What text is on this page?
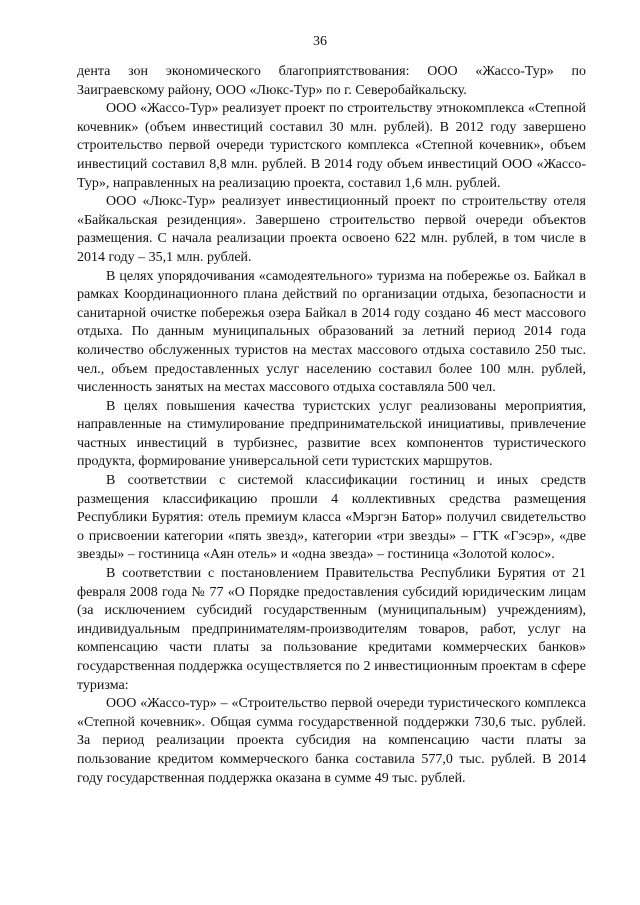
36

дента зон экономического благоприятствования: ООО «Жассо-Тур» по Заиграевскому району, ООО «Люкс-Тур» по г. Северобайкальску.

ООО «Жассо-Тур» реализует проект по строительству этнокомплекса «Степной кочевник» (объем инвестиций составил 30 млн. рублей). В 2012 году завершено строительство первой очереди туристского комплекса «Степной кочевник», объем инвестиций составил 8,8 млн. рублей. В 2014 году объем инвестиций ООО «Жассо-Тур», направленных на реализацию проекта, составил 1,6 млн. рублей.

ООО «Люкс-Тур» реализует инвестиционный проект по строительству отеля «Байкальская резиденция». Завершено строительство первой очереди объектов размещения. С начала реализации проекта освоено 622 млн. рублей, в том числе в 2014 году – 35,1 млн. рублей.

В целях упорядочивания «самодеятельного» туризма на побережье оз. Байкал в рамках Координационного плана действий по организации отдыха, безопасности и санитарной очистке побережья озера Байкал в 2014 году создано 46 мест массового отдыха. По данным муниципальных образований за летний период 2014 года количество обслуженных туристов на местах массового отдыха составило 250 тыс. чел., объем предоставленных услуг населению составил более 100 млн. рублей, численность занятых на местах массового отдыха составляла 500 чел.

В целях повышения качества туристских услуг реализованы мероприятия, направленные на стимулирование предпринимательской инициативы, привлечение частных инвестиций в турбизнес, развитие всех компонентов туристического продукта, формирование универсальной сети туристских маршрутов.

В соответствии с системой классификации гостиниц и иных средств размещения классификацию прошли 4 коллективных средства размещения Республики Бурятия: отель премиум класса «Мэргэн Батор» получил свидетельство о присвоении категории «пять звезд», категории «три звезды» – ГТК «Гэсэр», «две звезды» – гостиница «Аян отель» и «одна звезда» – гостиница «Золотой колос».

В соответствии с постановлением Правительства Республики Бурятия от 21 февраля 2008 года № 77 «О Порядке предоставления субсидий юридическим лицам (за исключением субсидий государственным (муниципальным) учреждениям), индивидуальным предпринимателям-производителям товаров, работ, услуг на компенсацию части платы за пользование кредитами коммерческих банков» государственная поддержка осуществляется по 2 инвестиционным проектам в сфере туризма:

ООО «Жассо-тур» – «Строительство первой очереди туристического комплекса «Степной кочевник». Общая сумма государственной поддержки 730,6 тыс. рублей. За период реализации проекта субсидия на компенсацию части платы за пользование кредитом коммерческого банка составила 577,0 тыс. рублей. В 2014 году государственная поддержка оказана в сумме 49 тыс. рублей.
